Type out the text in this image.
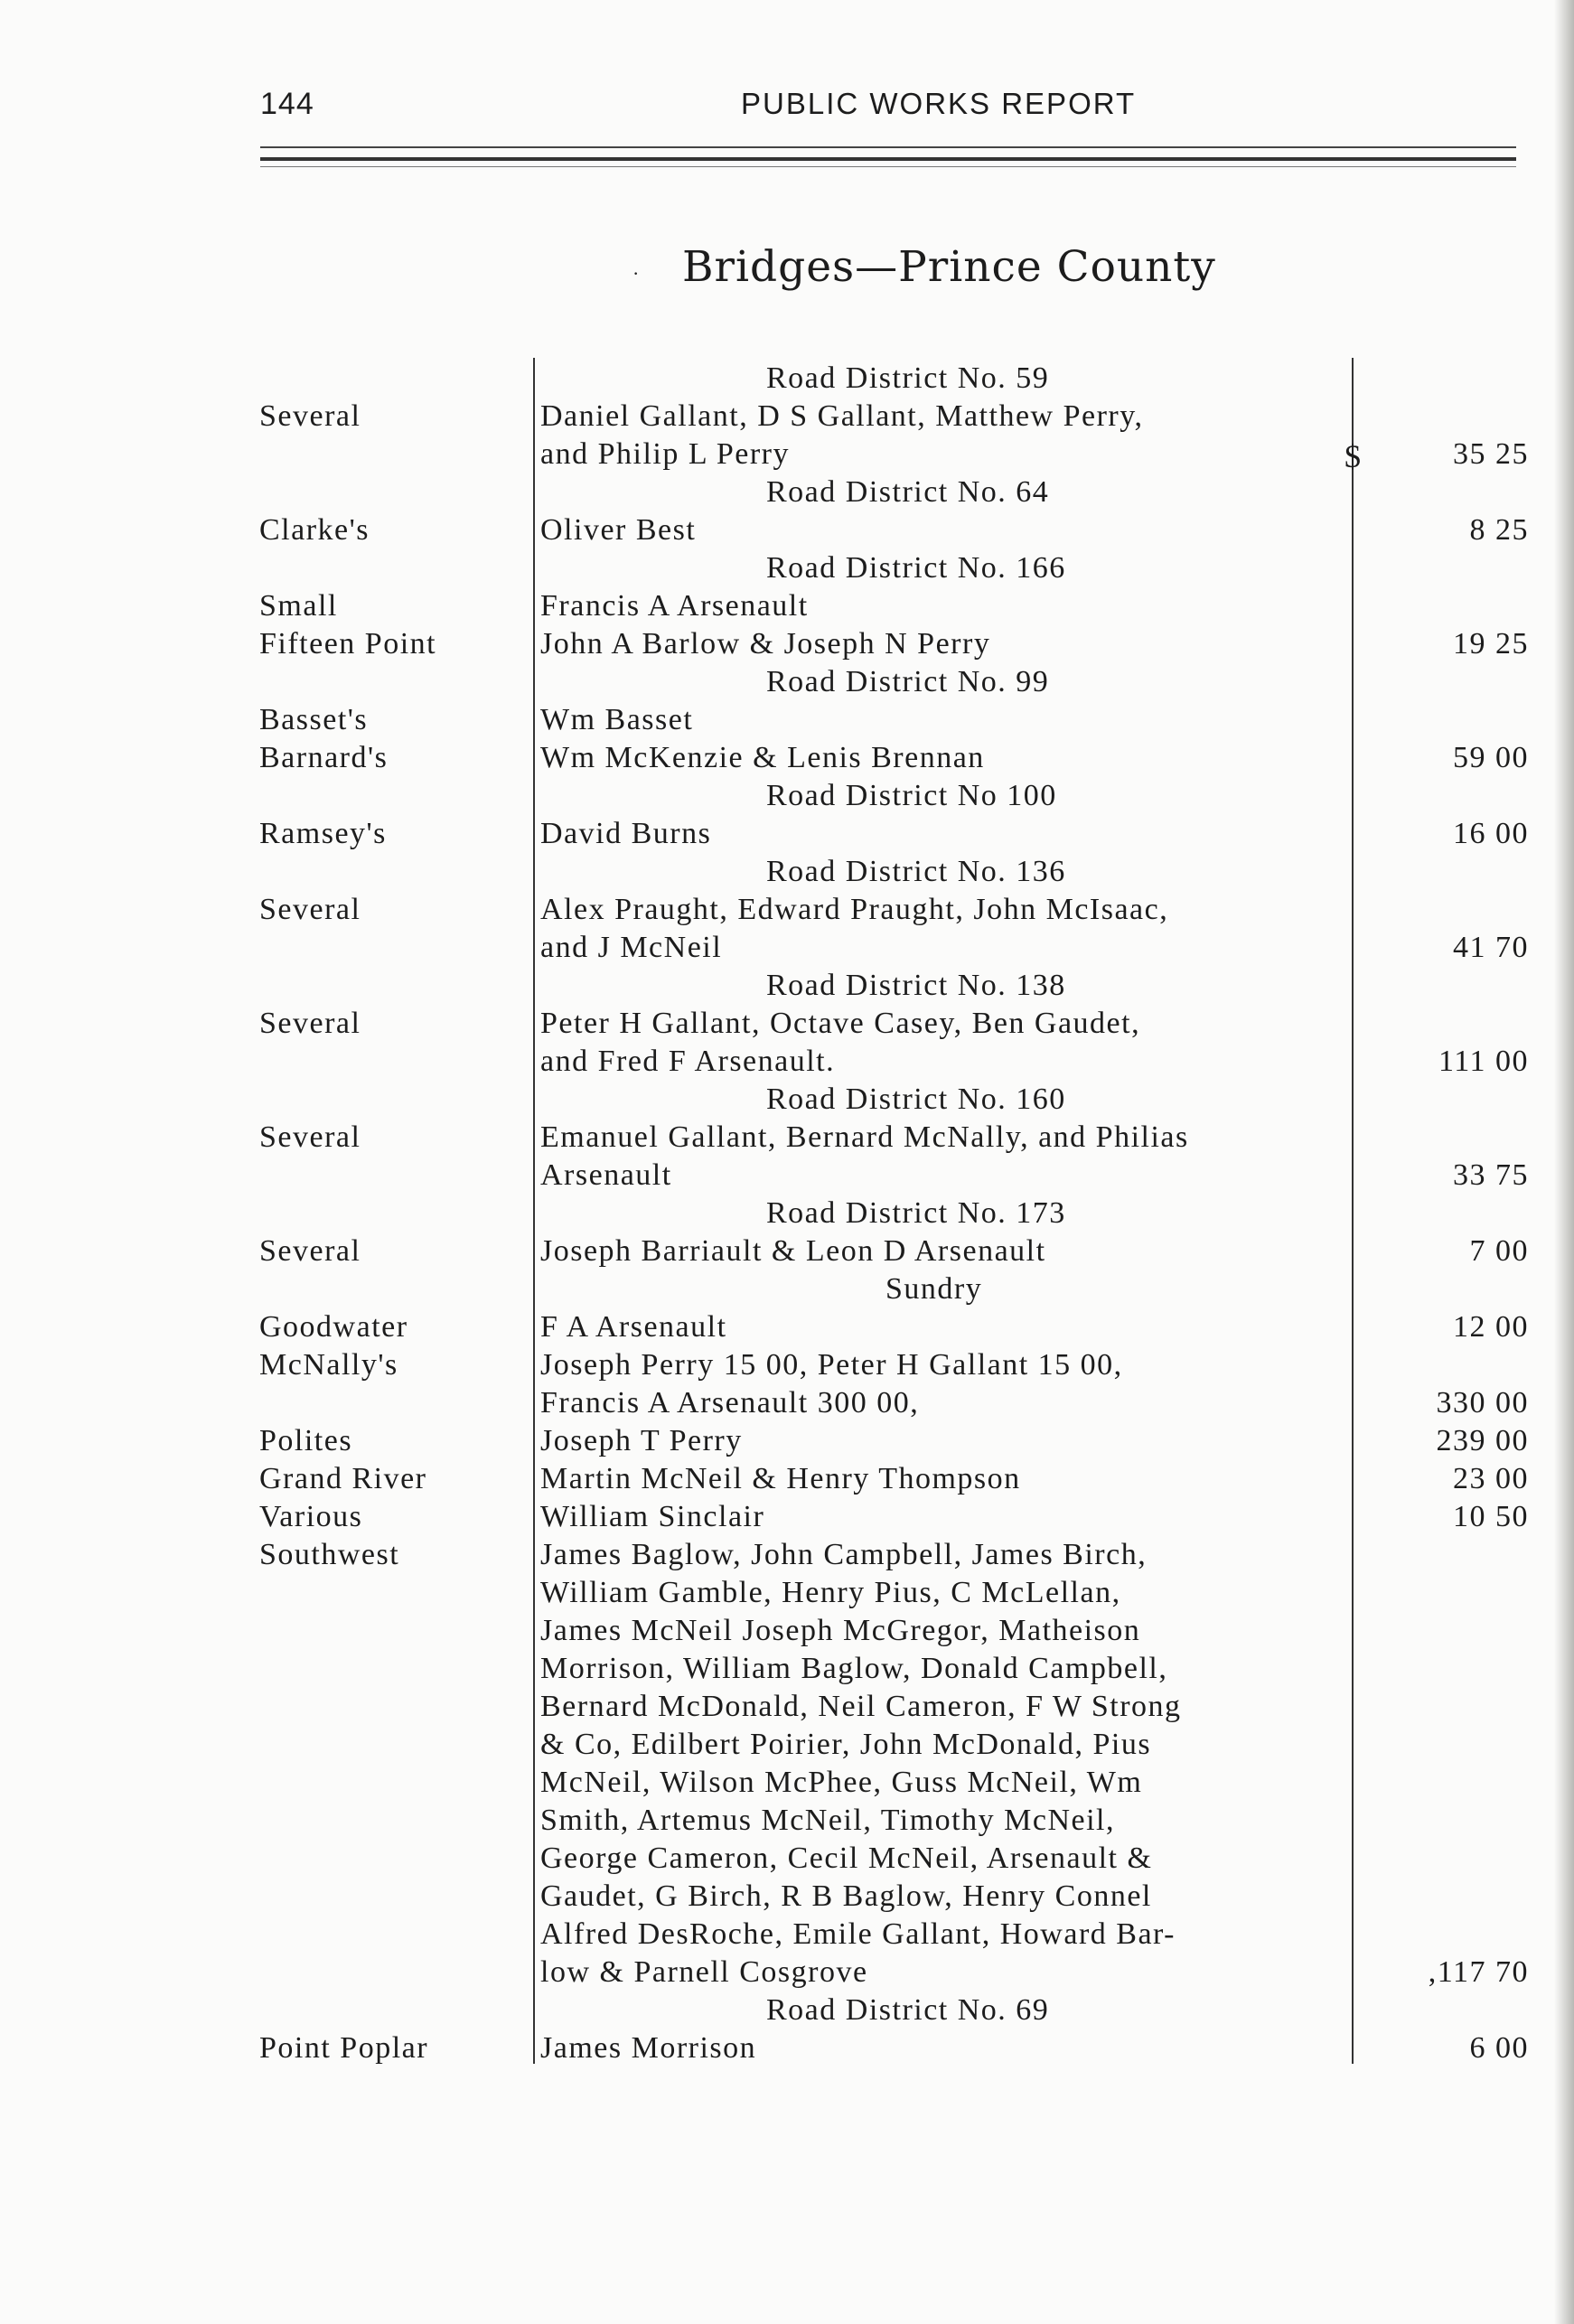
144	PUBLIC WORKS REPORT
· Bridges—Prince County
$
Road District No. 59
Several	Daniel Gallant, D S Gallant, Matthew Perry,
and Philip L Perry	35 25
Road District No. 64
Clarke's	Oliver Best	8 25
Road District No. 166
Small	Francis A Arsenault
Fifteen Point	John A Barlow & Joseph N Perry	19 25
Road District No. 99
Basset's	Wm Basset
Barnard's	Wm McKenzie & Lenis Brennan	59 00
Road District No 100
Ramsey's	David Burns	16 00
Road District No. 136
Several	Alex Praught, Edward Praught, John McIsaac,
and J McNeil	41 70
Road District No. 138
Several	Peter H Gallant, Octave Casey, Ben Gaudet,
and Fred F Arsenault.	111 00
Road District No. 160
Several	Emanuel Gallant, Bernard McNally, and Philias
Arsenault	33 75
Road District No. 173
Several	Joseph Barriault & Leon D Arsenault	7 00
Sundry
Goodwater	F A Arsenault	12 00
McNally's	Joseph Perry 15 00, Peter H Gallant 15 00,
Francis A Arsenault 300 00,	330 00
Polites	Joseph T Perry	239 00
Grand River	Martin McNeil & Henry Thompson	23 00
Various	William Sinclair	10 50
Southwest	James Baglow, John Campbell, James Birch,
William Gamble, Henry Pius, C McLellan,
James McNeil Joseph McGregor, Matheison
Morrison, William Baglow, Donald Campbell,
Bernard McDonald, Neil Cameron, F W Strong
& Co, Edilbert Poirier, John McDonald, Pius
McNeil, Wilson McPhee, Guss McNeil, Wm
Smith, Artemus McNeil, Timothy McNeil,
George Cameron, Cecil McNeil, Arsenault &
Gaudet, G Birch, R B Baglow, Henry Connel
Alfred DesRoche, Emile Gallant, Howard Bar-
low & Parnell Cosgrove	,117 70
Road District No. 69
Point Poplar	James Morrison	6 00
